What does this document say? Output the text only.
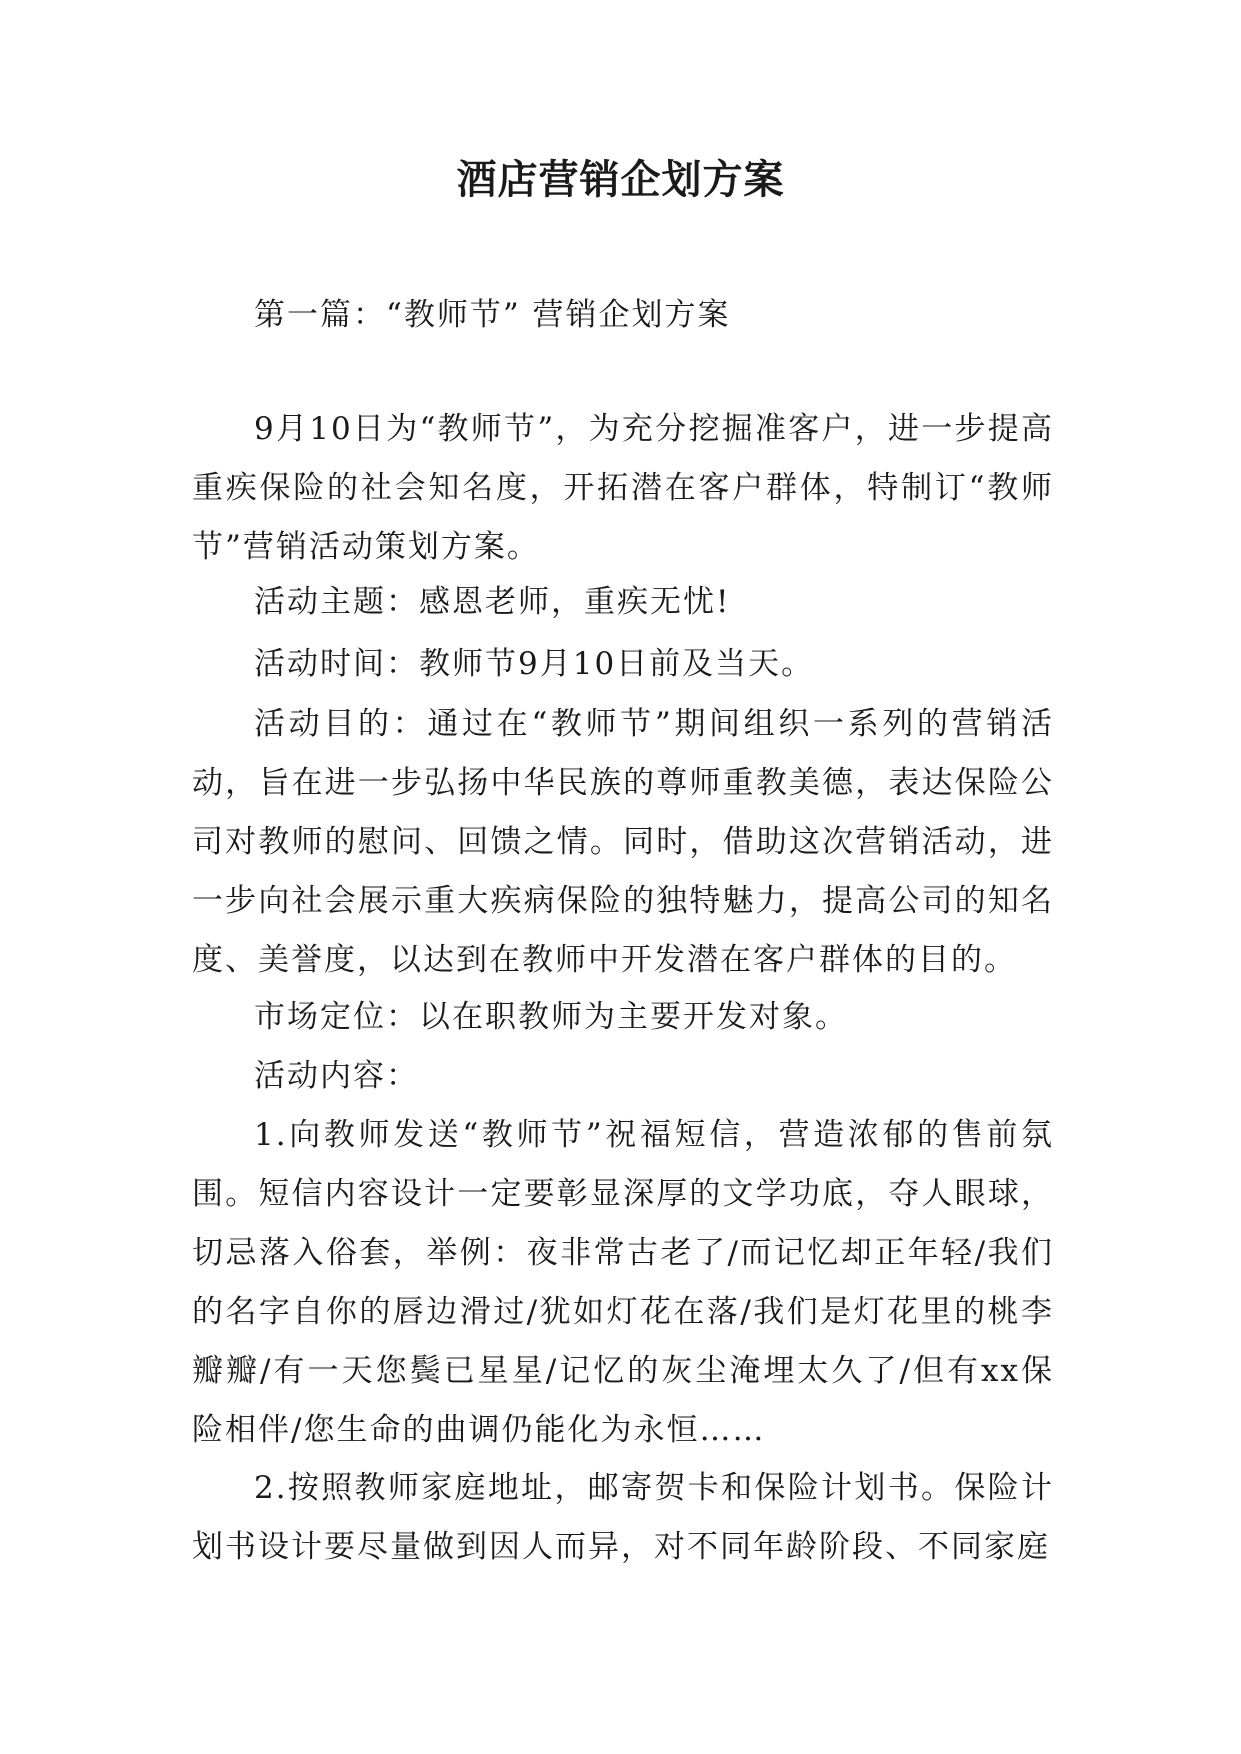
酒店营销企划方案

第一篇：“教师节” 营销企划方案

9月10日为“教师节”，为充分挖掘准客户，进一步提高重疾保险的社会知名度，开拓潜在客户群体，特制订“教师节”营销活动策划方案。

活动主题：感恩老师，重疾无忧!

活动时间：教师节9月10日前及当天。

活动目的：通过在“教师节”期间组织一系列的营销活动，旨在进一步弘扬中华民族的尊师重教美德，表达保险公司对教师的慰问、回馈之情。同时，借助这次营销活动，进一步向社会展示重大疾病保险的独特魅力，提高公司的知名度、美誉度，以达到在教师中开发潜在客户群体的目的。

市场定位：以在职教师为主要开发对象。

活动内容：

1.向教师发送“教师节”祝福短信，营造浓郁的售前氛围。短信内容设计一定要彰显深厚的文学功底，夺人眼球，切忌落入俗套，举例：夜非常古老了/而记忆却正年轻/我们的名字自你的唇边滑过/犹如灯花在落/我们是灯花里的桃李瓣瓣/有一天您鬓已星星/记忆的灰尘淹埋太久了/但有xx保险相伴/您生命的曲调仍能化为永恒……

2.按照教师家庭地址，邮寄贺卡和保险计划书。保险计划书设计要尽量做到因人而异，对不同年龄阶段、不同家庭
